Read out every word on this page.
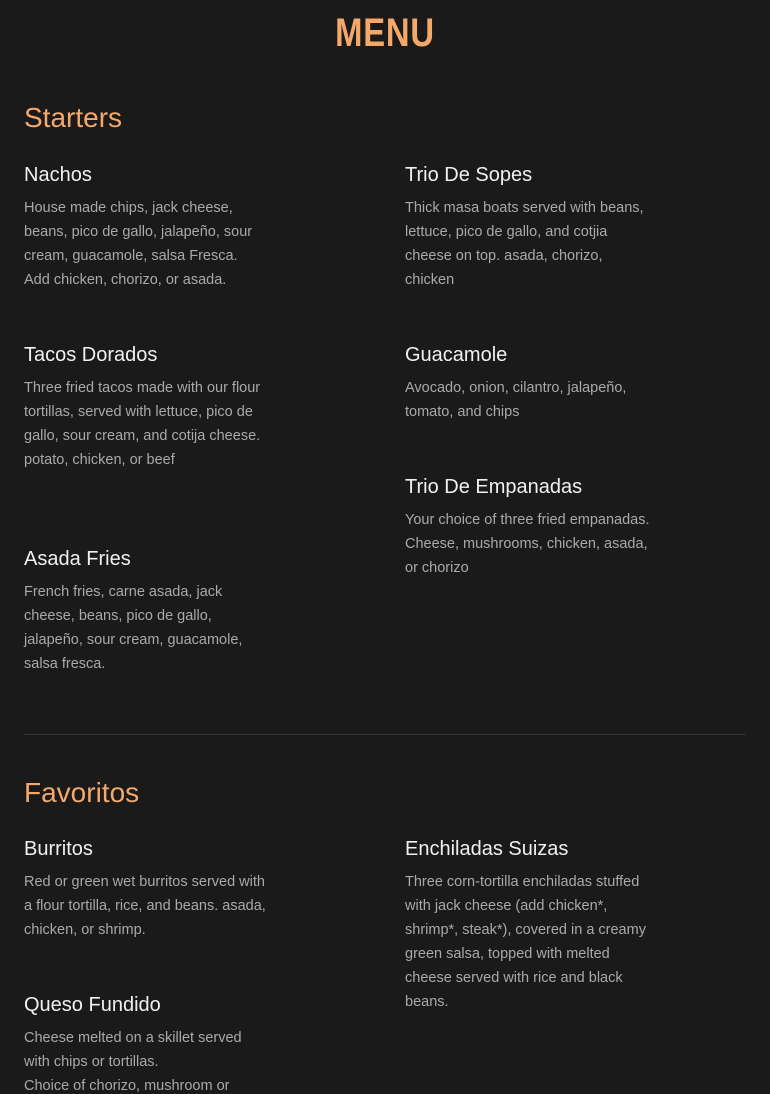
MENU
Starters
Nachos

House made chips, jack cheese, beans, pico de gallo, jalapeño, sour cream, guacamole, salsa Fresca.
Add chicken, chorizo, or asada.

Trio De Sopes

Thick masa boats served with beans, lettuce, pico de gallo, and cotjia cheese on top. asada, chorizo, chicken

Tacos Dorados

Three fried tacos made with our flour tortillas, served with lettuce, pico de gallo, sour cream, and cotija cheese. potato, chicken, or beef

Guacamole

Avocado, onion, cilantro, jalapeño, tomato, and chips

Trio De Empanadas

Your choice of three fried empanadas. Cheese, mushrooms, chicken, asada, or chorizo

Asada Fries

French fries, carne asada, jack cheese, beans, pico de gallo, jalapeño, sour cream, guacamole, salsa fresca.

Favoritos
Burritos

Red or green wet burritos served with a flour tortilla, rice, and beans. asada, chicken, or shrimp.

Enchiladas Suizas

Three corn-tortilla enchiladas stuffed with jack cheese (add chicken*, shrimp*, steak*), covered in a creamy green salsa, topped with melted cheese served with rice and black beans.

Queso Fundido

Cheese melted on a skillet served with chips or tortillas.
Choice of chorizo, mushroom or
